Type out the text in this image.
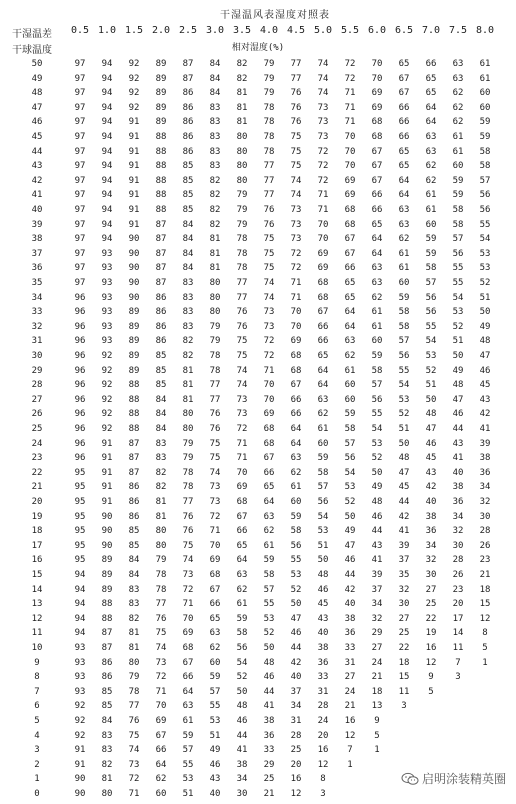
干湿温风表湿度对照表
干湿温差
干球温度	相对湿度(%)
0.5 1.0 1.5 2.0 2.5 3.0 3.5 4.0 4.5 5.0 5.5 6.0 6.5 7.0 7.5 8.0
50	97	94	92	89	87	84	82	79	77	74	72	70	65	66	63	61
49	97	94	92	89	87	84	82	79	77	74	72	70	67	65	63	61
48	97	94	92	89	86	84	81	79	76	74	71	69	67	65	62	60
47	97	94	92	89	86	83	81	78	76	73	71	69	66	64	62	60
46	97	94	91	89	86	83	81	78	76	73	71	68	66	64	62	59
45	97	94	91	88	86	83	80	78	75	73	70	68	66	63	61	59
44	97	94	91	88	86	83	80	78	75	72	70	67	65	63	61	58
43	97	94	91	88	85	83	80	77	75	72	70	67	65	62	60	58
42	97	94	91	88	85	82	80	77	74	72	69	67	64	62	59	57
41	97	94	91	88	85	82	79	77	74	71	69	66	64	61	59	56
40	97	94	91	88	85	82	79	76	73	71	68	66	63	61	58	56
39	97	94	91	87	84	82	79	76	73	70	68	65	63	60	58	55
38	97	94	90	87	84	81	78	75	73	70	67	64	62	59	57	54
37	97	93	90	87	84	81	78	75	72	69	67	64	61	59	56	53
36	97	93	90	87	84	81	78	75	72	69	66	63	61	58	55	53
35	97	93	90	87	83	80	77	74	71	68	65	63	60	57	55	52
34	96	93	90	86	83	80	77	74	71	68	65	62	59	56	54	51
33	96	93	89	86	83	80	76	73	70	67	64	61	58	56	53	50
32	96	93	89	86	83	79	76	73	70	66	64	61	58	55	52	49
31	96	93	89	86	82	79	75	72	69	66	63	60	57	54	51	48
30	96	92	89	85	82	78	75	72	68	65	62	59	56	53	50	47
29	96	92	89	85	81	78	74	71	68	64	61	58	55	52	49	46
28	96	92	88	85	81	77	74	70	67	64	60	57	54	51	48	45
27	96	92	88	84	81	77	73	70	66	63	60	56	53	50	47	43
26	96	92	88	84	80	76	73	69	66	62	59	55	52	48	46	42
25	96	92	88	84	80	76	72	68	64	61	58	54	51	47	44	41
24	96	91	87	83	79	75	71	68	64	60	57	53	50	46	43	39
23	96	91	87	83	79	75	71	67	63	59	56	52	48	45	41	38
22	95	91	87	82	78	74	70	66	62	58	54	50	47	43	40	36
21	95	91	86	82	78	73	69	65	61	57	53	49	45	42	38	34
20	95	91	86	81	77	73	68	64	60	56	52	48	44	40	36	32
19	95	90	86	81	76	72	67	63	59	54	50	46	42	38	34	30
18	95	90	85	80	76	71	66	62	58	53	49	44	41	36	32	28
17	95	90	85	80	75	70	65	61	56	51	47	43	39	34	30	26
16	95	89	84	79	74	69	64	59	55	50	46	41	37	32	28	23
15	94	89	84	78	73	68	63	58	53	48	44	39	35	30	26	21
14	94	89	83	78	72	67	62	57	52	46	42	37	32	27	23	18
13	94	88	83	77	71	66	61	55	50	45	40	34	30	25	20	15
12	94	88	82	76	70	65	59	53	47	43	38	32	27	22	17	12
11	94	87	81	75	69	63	58	52	46	40	36	29	25	19	14	8
10	93	87	81	74	68	62	56	50	44	38	33	27	22	16	11	5
9	93	86	80	73	67	60	54	48	42	36	31	24	18	12	7	1
8	93	86	79	72	66	59	52	46	40	33	27	21	15	9	3
7	93	85	78	71	64	57	50	44	37	31	24	18	11	5
6	92	85	77	70	63	55	48	41	34	28	21	13	3
5	92	84	76	69	61	53	46	38	31	24	16	9
4	92	83	75	67	59	51	44	36	28	20	12	5
3	91	83	74	66	57	49	41	33	25	16	7	1
2	91	82	73	64	55	46	38	29	20	12	1
1	90	81	72	62	53	43	34	25	16	8
0	90	80	71	60	51	40	30	21	12	3
启明涂装精英圈
